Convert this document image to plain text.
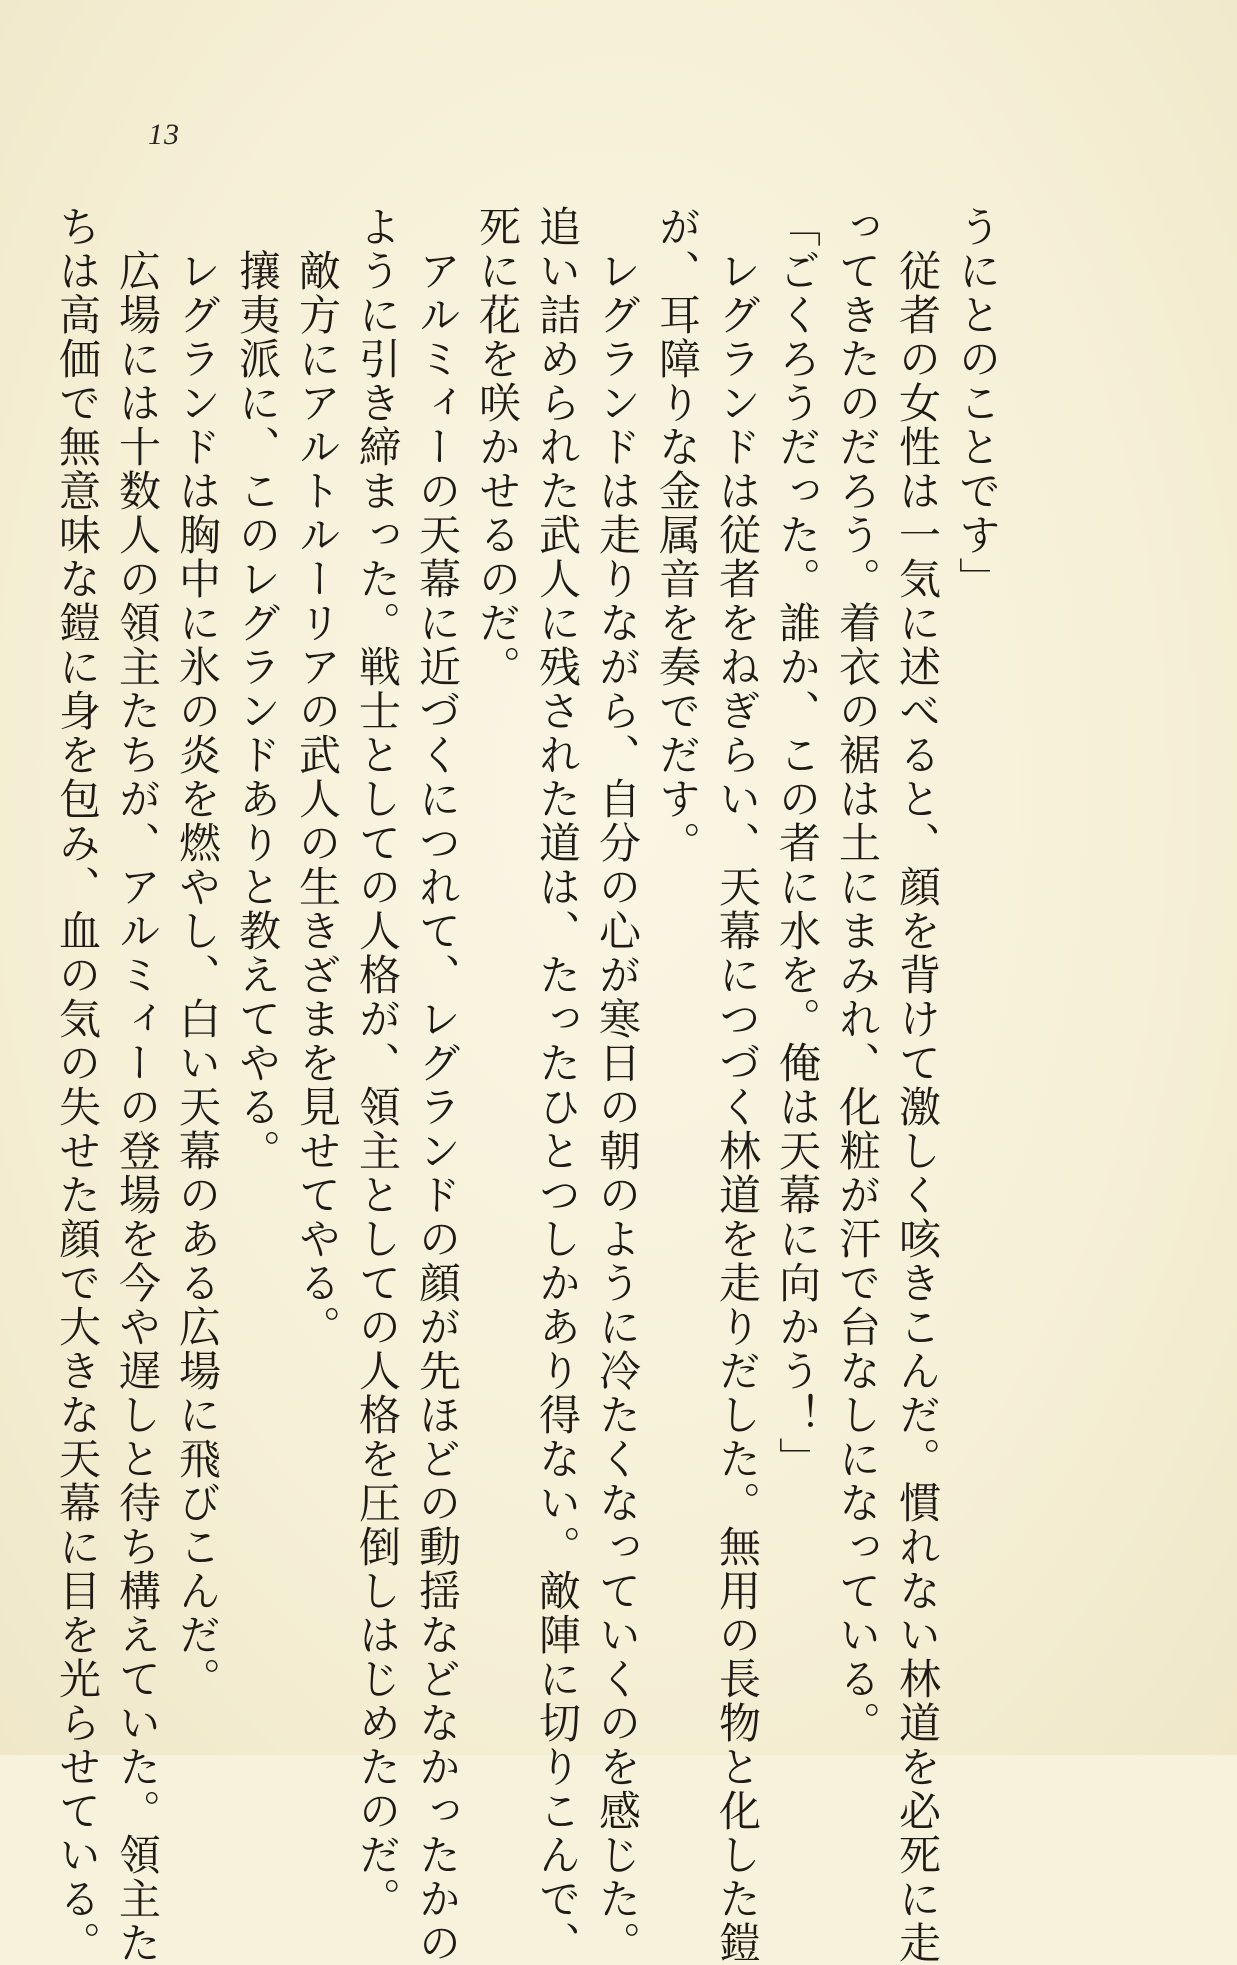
13
うにとのことです」
　従者の女性は一気に述べると、顔を背けて激しく咳きこんだ。慣れない林道を必死に走
ってきたのだろう。着衣の裾は土にまみれ、化粧が汗で台なしになっている。
「ごくろうだった。誰か、この者に水を。俺は天幕に向かう！」
　レグランドは従者をねぎらい、天幕につづく林道を走りだした。無用の長物と化した鎧
が、耳障りな金属音を奏でだす。
　レグランドは走りながら、自分の心が寒日の朝のように冷たくなっていくのを感じた。
追い詰められた武人に残された道は、たったひとつしかあり得ない。敵陣に切りこんで、
死に花を咲かせるのだ。
　アルミィーの天幕に近づくにつれて、レグランドの顔が先ほどの動揺などなかったかの
ように引き締まった。戦士としての人格が、領主としての人格を圧倒しはじめたのだ。
　敵方にアルトルーリアの武人の生きざまを見せてやる。
　攘夷派に、このレグランドありと教えてやる。
　レグランドは胸中に氷の炎を燃やし、白い天幕のある広場に飛びこんだ。
　広場には十数人の領主たちが、アルミィーの登場を今や遅しと待ち構えていた。領主た
ちは高価で無意味な鎧に身を包み、血の気の失せた顔で大きな天幕に目を光らせている。
